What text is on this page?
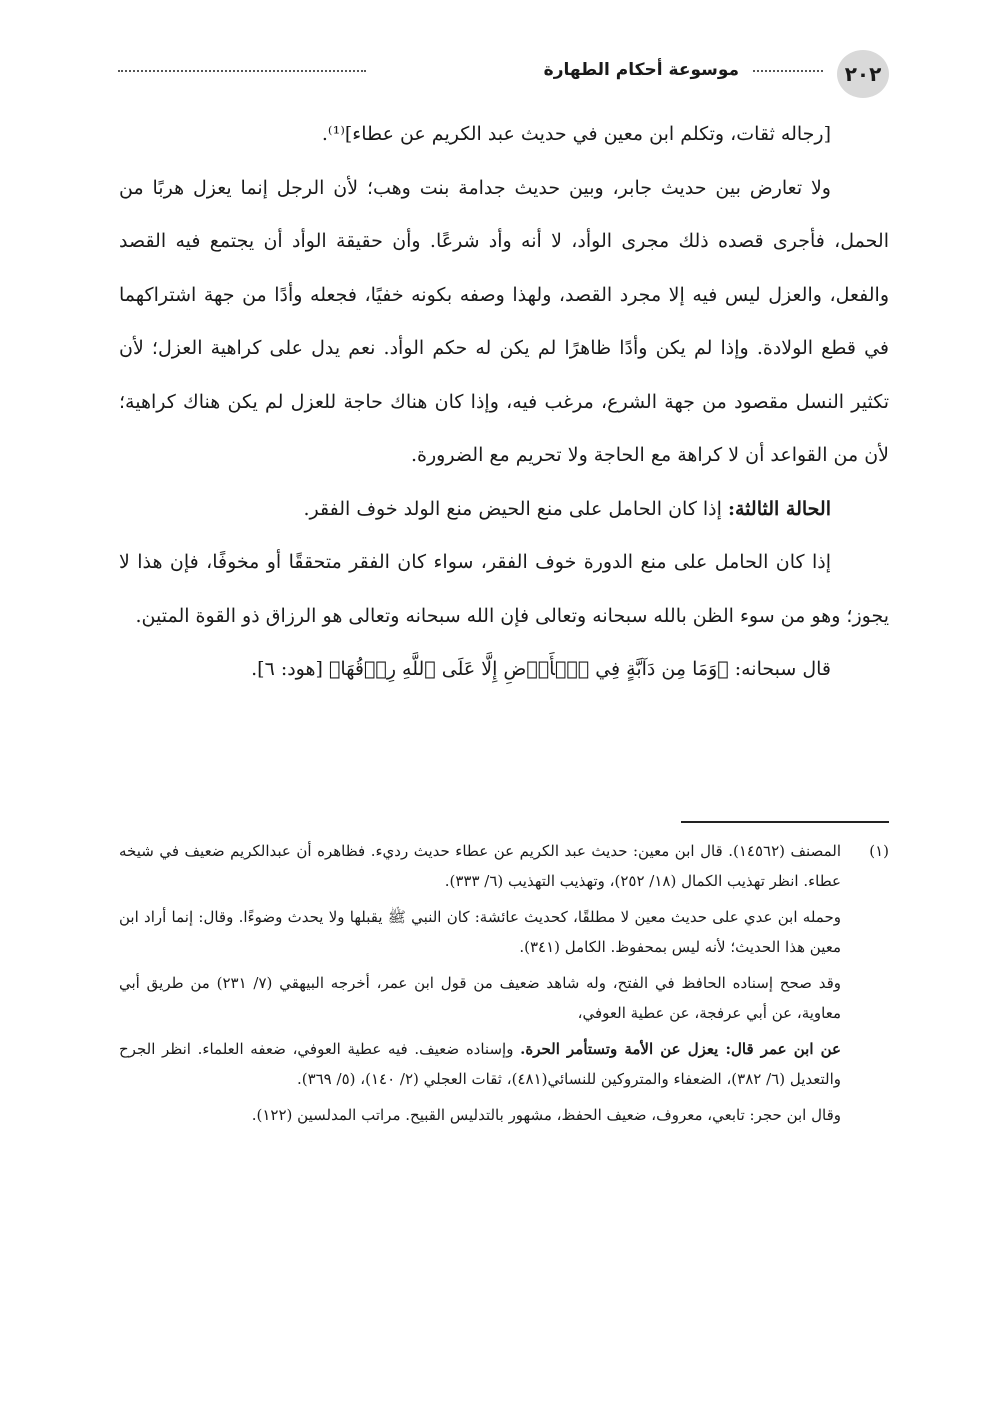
٢٠٢
موسوعة أحكام الطهارة

[رجاله ثقات، وتكلم ابن معين في حديث عبد الكريم عن عطاء]⁽¹⁾.

ولا تعارض بين حديث جابر، وبين حديث جدامة بنت وهب؛ لأن الرجل إنما يعزل هربًا من الحمل، فأجرى قصده ذلك مجرى الوأد، لا أنه وأد شرعًا. وأن حقيقة الوأد أن يجتمع فيه القصد والفعل، والعزل ليس فيه إلا مجرد القصد، ولهذا وصفه بكونه خفيًا، فجعله وأدًا من جهة اشتراكهما في قطع الولادة. وإذا لم يكن وأدًا ظاهرًا لم يكن له حكم الوأد. نعم يدل على كراهية العزل؛ لأن تكثير النسل مقصود من جهة الشرع، مرغب فيه، وإذا كان هناك حاجة للعزل لم يكن هناك كراهية؛ لأن من القواعد أن لا كراهة مع الحاجة ولا تحريم مع الضرورة.

الحالة الثالثة: إذا كان الحامل على منع الحيض منع الولد خوف الفقر.

إذا كان الحامل على منع الدورة خوف الفقر، سواء كان الفقر متحققًا أو مخوفًا، فإن هذا لا يجوز؛ وهو من سوء الظن بالله سبحانه وتعالى فإن الله سبحانه وتعالى هو الرزاق ذو القوة المتين.

قال سبحانه: ﴿وَمَا مِن دَآبَّةٍ فِي ٱلۡأَرۡضِ إِلَّا عَلَى ٱللَّهِ رِزۡقُهَا﴾ [هود: ٦].

(١)

المصنف (١٤٥٦٢). قال ابن معين: حديث عبد الكريم عن عطاء حديث رديء. فظاهره أن عبدالكريم ضعيف في شيخه عطاء. انظر تهذيب الكمال (١٨/ ٢٥٢)، وتهذيب التهذيب (٦/ ٣٣٣).

وحمله ابن عدي على حديث معين لا مطلقًا، كحديث عائشة: كان النبي ﷺ يقبلها ولا يحدث وضوءًا. وقال: إنما أراد ابن معين هذا الحديث؛ لأنه ليس بمحفوظ. الكامل (٣٤١).

وقد صحح إسناده الحافظ في الفتح، وله شاهد ضعيف من قول ابن عمر، أخرجه البيهقي (٧/ ٢٣١) من طريق أبي معاوية، عن أبي عرفجة، عن عطية العوفي،

عن ابن عمر قال: يعزل عن الأمة وتستأمر الحرة. وإسناده ضعيف. فيه عطية العوفي، ضعفه العلماء. انظر الجرح والتعديل (٦/ ٣٨٢)، الضعفاء والمتروكين للنسائي(٤٨١)، ثقات العجلي (٢/ ١٤٠)، (٥/ ٣٦٩).

وقال ابن حجر: تابعي، معروف، ضعيف الحفظ، مشهور بالتدليس القبيح. مراتب المدلسين (١٢٢).
